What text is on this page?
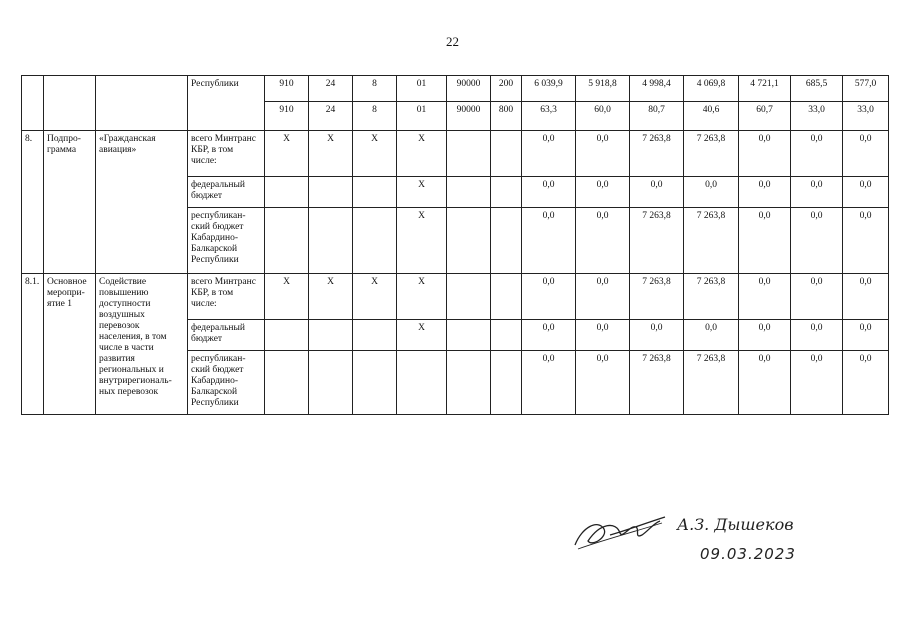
22
			Республики	910	24	8	01	90000	200	6 039,9	5 918,8	4 998,4	4 069,8	4 721,1	685,5	577,0
				910	24	8	01	90000	800	63,3	60,0	80,7	40,6	60,7	33,0	33,0
8.	Подпро-грамма	«Гражданская авиация»	всего Минтранс КБР, в том числе:	Х	Х	Х	Х			0,0	0,0	7 263,8	7 263,8	0,0	0,0	0,0
			федеральный бюджет				Х			0,0	0,0	0,0	0,0	0,0	0,0	0,0
			республикан-ский бюджет Кабардино-Балкарской Республики				Х			0,0	0,0	7 263,8	7 263,8	0,0	0,0	0,0
8.1.	Основное меропри-ятие 1	Содействие повышению доступности воздушных перевозок населения, в том числе в части развития региональных и внутрирегиональ-ных перевозок	всего Минтранс КБР, в том числе:	Х	Х	Х	Х			0,0	0,0	7 263,8	7 263,8	0,0	0,0	0,0
			федеральный бюджет				Х			0,0	0,0	0,0	0,0	0,0	0,0	0,0
			республикан-ский бюджет Кабардино-Балкарской Республики							0,0	0,0	7 263,8	7 263,8	0,0	0,0	0,0
А.З. Дышеков
09.03.2023
